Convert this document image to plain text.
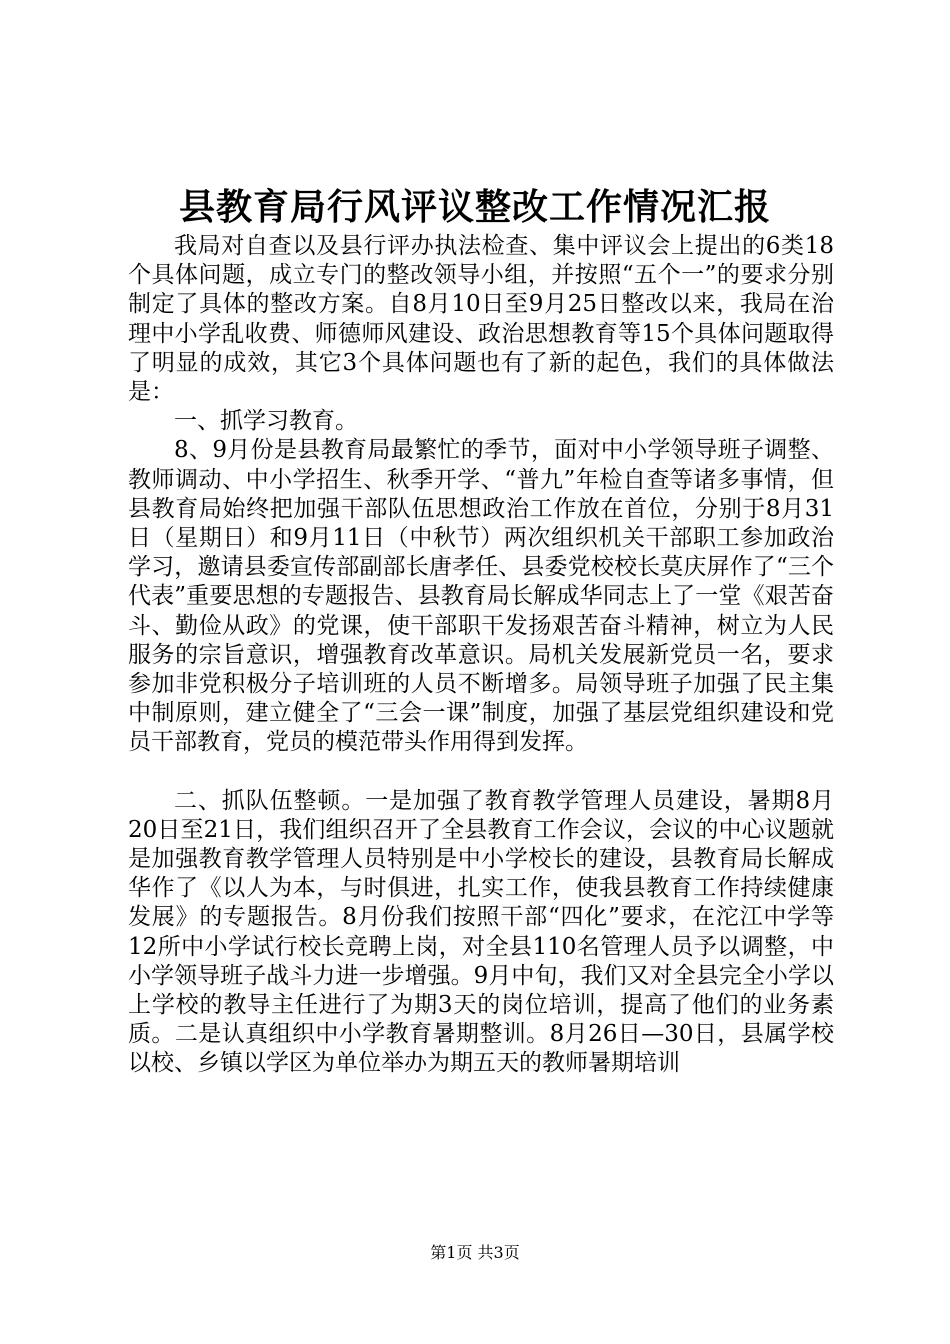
县教育局行风评议整改工作情况汇报

我局对自查以及县行评办执法检查、集中评议会上提出的6类18个具体问题，成立专门的整改领导小组，并按照“五个一”的要求分别制定了具体的整改方案。自8月10日至9月25日整改以来，我局在治理中小学乱收费、师德师风建设、政治思想教育等15个具体问题取得了明显的成效，其它3个具体问题也有了新的起色，我们的具体做法是：

一、抓学习教育。

8、9月份是县教育局最繁忙的季节，面对中小学领导班子调整、教师调动、中小学招生、秋季开学、“普九”年检自查等诸多事情，但县教育局始终把加强干部队伍思想政治工作放在首位，分别于8月31日（星期日）和9月11日（中秋节）两次组织机关干部职工参加政治学习，邀请县委宣传部副部长唐孝任、县委党校校长莫庆屏作了“三个代表”重要思想的专题报告、县教育局长解成华同志上了一堂《艰苦奋斗、勤俭从政》的党课，使干部职干发扬艰苦奋斗精神，树立为人民服务的宗旨意识，增强教育改革意识。局机关发展新党员一名，要求参加非党积极分子培训班的人员不断增多。局领导班子加强了民主集中制原则，建立健全了“三会一课”制度，加强了基层党组织建设和党员干部教育，党员的模范带头作用得到发挥。

二、抓队伍整顿。一是加强了教育教学管理人员建设，暑期8月20日至21日，我们组织召开了全县教育工作会议，会议的中心议题就是加强教育教学管理人员特别是中小学校长的建设，县教育局长解成华作了《以人为本，与时俱进，扎实工作，使我县教育工作持续健康发展》的专题报告。8月份我们按照干部“四化”要求，在沱江中学等12所中小学试行校长竞聘上岗，对全县110名管理人员予以调整，中小学领导班子战斗力进一步增强。9月中旬，我们又对全县完全小学以上学校的教导主任进行了为期3天的岗位培训，提高了他们的业务素质。二是认真组织中小学教育暑期整训。8月26日—30日，县属学校以校、乡镇以学区为单位举办为期五天的教师暑期培训

第1页 共3页
